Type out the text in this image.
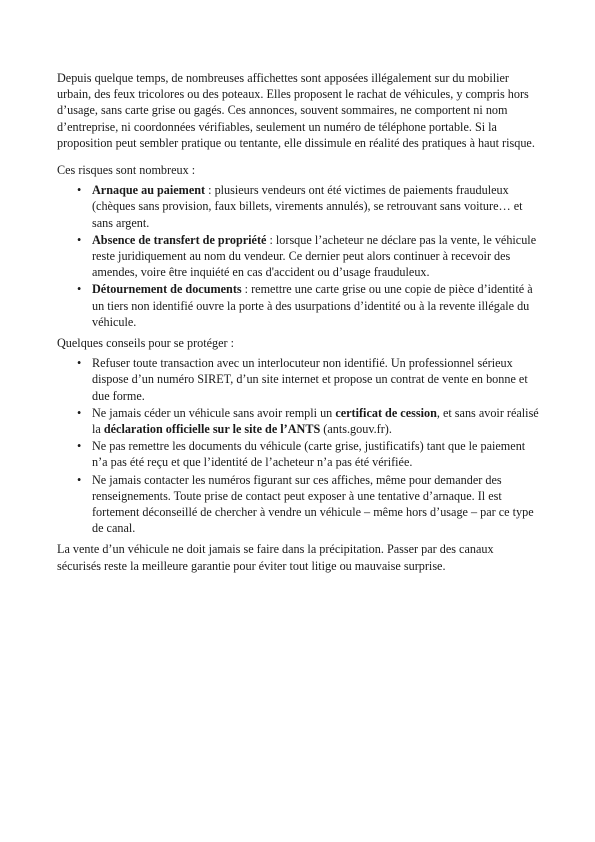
Depuis quelque temps, de nombreuses affichettes sont apposées illégalement sur du mobilier urbain, des feux tricolores ou des poteaux. Elles proposent le rachat de véhicules, y compris hors d’usage, sans carte grise ou gagés. Ces annonces, souvent sommaires, ne comportent ni nom d’entreprise, ni coordonnées vérifiables, seulement un numéro de téléphone portable. Si la proposition peut sembler pratique ou tentante, elle dissimule en réalité des pratiques à haut risque.

Ces risques sont nombreux :

• Arnaque au paiement : plusieurs vendeurs ont été victimes de paiements frauduleux (chèques sans provision, faux billets, virements annulés), se retrouvant sans voiture… et sans argent.
• Absence de transfert de propriété : lorsque l’acheteur ne déclare pas la vente, le véhicule reste juridiquement au nom du vendeur. Ce dernier peut alors continuer à recevoir des amendes, voire être inquiété en cas d'accident ou d’usage frauduleux.
• Détournement de documents : remettre une carte grise ou une copie de pièce d’identité à un tiers non identifié ouvre la porte à des usurpations d’identité ou à la revente illégale du véhicule.

Quelques conseils pour se protéger :

• Refuser toute transaction avec un interlocuteur non identifié. Un professionnel sérieux dispose d’un numéro SIRET, d’un site internet et propose un contrat de vente en bonne et due forme.
• Ne jamais céder un véhicule sans avoir rempli un certificat de cession, et sans avoir réalisé la déclaration officielle sur le site de l’ANTS (ants.gouv.fr).
• Ne pas remettre les documents du véhicule (carte grise, justificatifs) tant que le paiement n’a pas été reçu et que l’identité de l’acheteur n’a pas été vérifiée.
• Ne jamais contacter les numéros figurant sur ces affiches, même pour demander des renseignements. Toute prise de contact peut exposer à une tentative d’arnaque. Il est fortement déconseillé de chercher à vendre un véhicule – même hors d’usage – par ce type de canal.

La vente d’un véhicule ne doit jamais se faire dans la précipitation. Passer par des canaux sécurisés reste la meilleure garantie pour éviter tout litige ou mauvaise surprise.
